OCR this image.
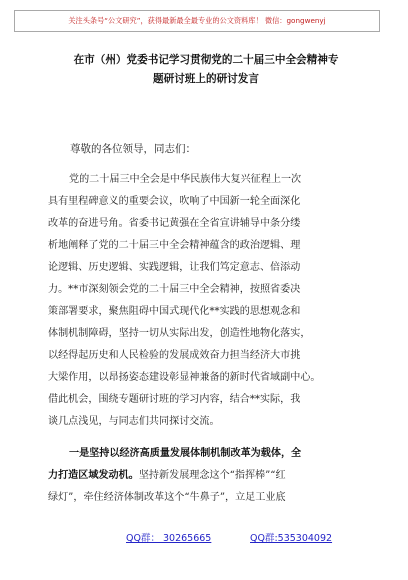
关注头条号“公文研究”，获得最新最全最专业的公文资料库！ 微信：gongwenyj
在市（州）党委书记学习贯彻党的二十届三中全会精神专
题研讨班上的研讨发言
尊敬的各位领导，同志们：
党的二十届三中全会是中华民族伟大复兴征程上一次
具有里程碑意义的重要会议，吹响了中国新一轮全面深化
改革的奋进号角。省委书记黄强在全省宣讲辅导中条分缕
析地阐释了党的二十届三中全会精神蕴含的政治逻辑、理
论逻辑、历史逻辑、实践逻辑，让我们笃定意志、倍添动
力。**市深刻领会党的二十届三中全会精神，按照省委决
策部署要求，聚焦阻碍中国式现代化**实践的思想观念和
体制机制障碍，坚持一切从实际出发，创造性地物化落实，
以经得起历史和人民检验的发展成效奋力担当经济大市挑
大梁作用，以昂扬姿态建设彰显神兼备的新时代省域副中心。
借此机会，围绕专题研讨班的学习内容，结合**实际，我
谈几点浅见，与同志们共同探讨交流。
一是坚持以经济高质量发展体制机制改革为载体，全
力打造区域发动机。坚持新发展理念这个“指挥棒”“红
绿灯”，牵住经济体制改革这个“牛鼻子”，立足工业底
QQ群： 30265665	QQ群:535304092
